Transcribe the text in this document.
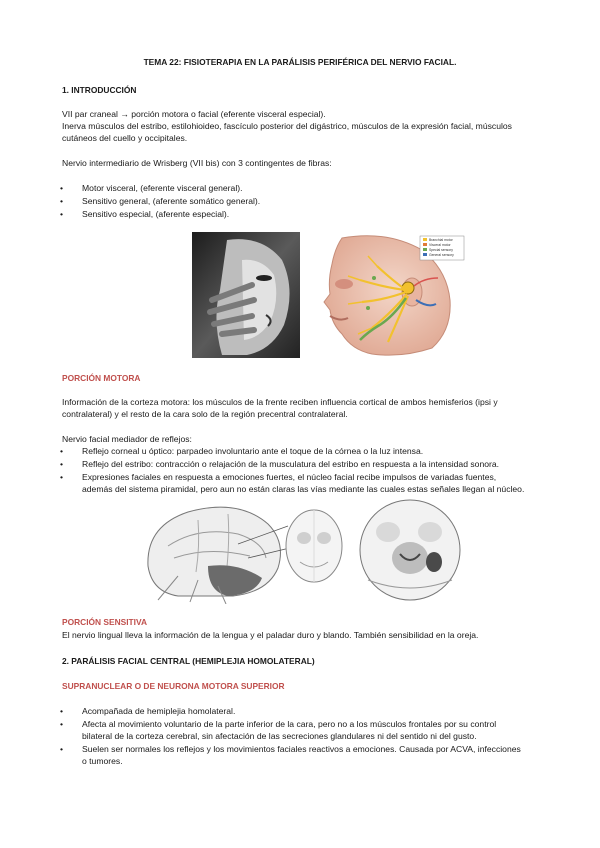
TEMA 22: FISIOTERAPIA EN LA PARÁLISIS PERIFÉRICA DEL NERVIO FACIAL.
1. INTRODUCCIÓN
VII par craneal → porción motora o facial (eferente visceral especial).
Inerva músculos del estribo, estilohioideo, fascículo posterior del digástrico, músculos de la expresión facial, músculos
cutáneos del cuello y occipitales.
Nervio intermediario de Wrisberg (VII bis) con 3 contingentes de fibras:
• Motor visceral, (eferente visceral general).
• Sensitivo general, (aferente somático general).
• Sensitivo especial, (aferente especial).
Branchial motor
Visceral motor
Special sensory
General sensory
PORCIÓN MOTORA
Información de la corteza motora: los músculos de la frente reciben influencia cortical de ambos hemisferios (ipsi y
contralateral) y el resto de la cara solo de la región precentral contralateral.
Nervio facial mediador de reflejos:
• Reflejo corneal u óptico: parpadeo involuntario ante el toque de la córnea o la luz intensa.
• Reflejo del estribo: contracción o relajación de la musculatura del estribo en respuesta a la intensidad sonora.
• Expresiones faciales en respuesta a emociones fuertes, el núcleo facial recibe impulsos de variadas fuentes,
además del sistema piramidal, pero aun no están claras las vías mediante las cuales estas señales llegan al núcleo.
PORCIÓN SENSITIVA
El nervio lingual lleva la información de la lengua y el paladar duro y blando. También sensibilidad en la oreja.
2. PARÁLISIS FACIAL CENTRAL (HEMIPLEJIA HOMOLATERAL)
SUPRANUCLEAR O DE NEURONA MOTORA SUPERIOR
• Acompañada de hemiplejia homolateral.
• Afecta al movimiento voluntario de la parte inferior de la cara, pero no a los músculos frontales por su control
bilateral de la corteza cerebral, sin afectación de las secreciones glandulares ni del sentido ni del gusto.
• Suelen ser normales los reflejos y los movimientos faciales reactivos a emociones. Causada por ACVA, infecciones
o tumores.
